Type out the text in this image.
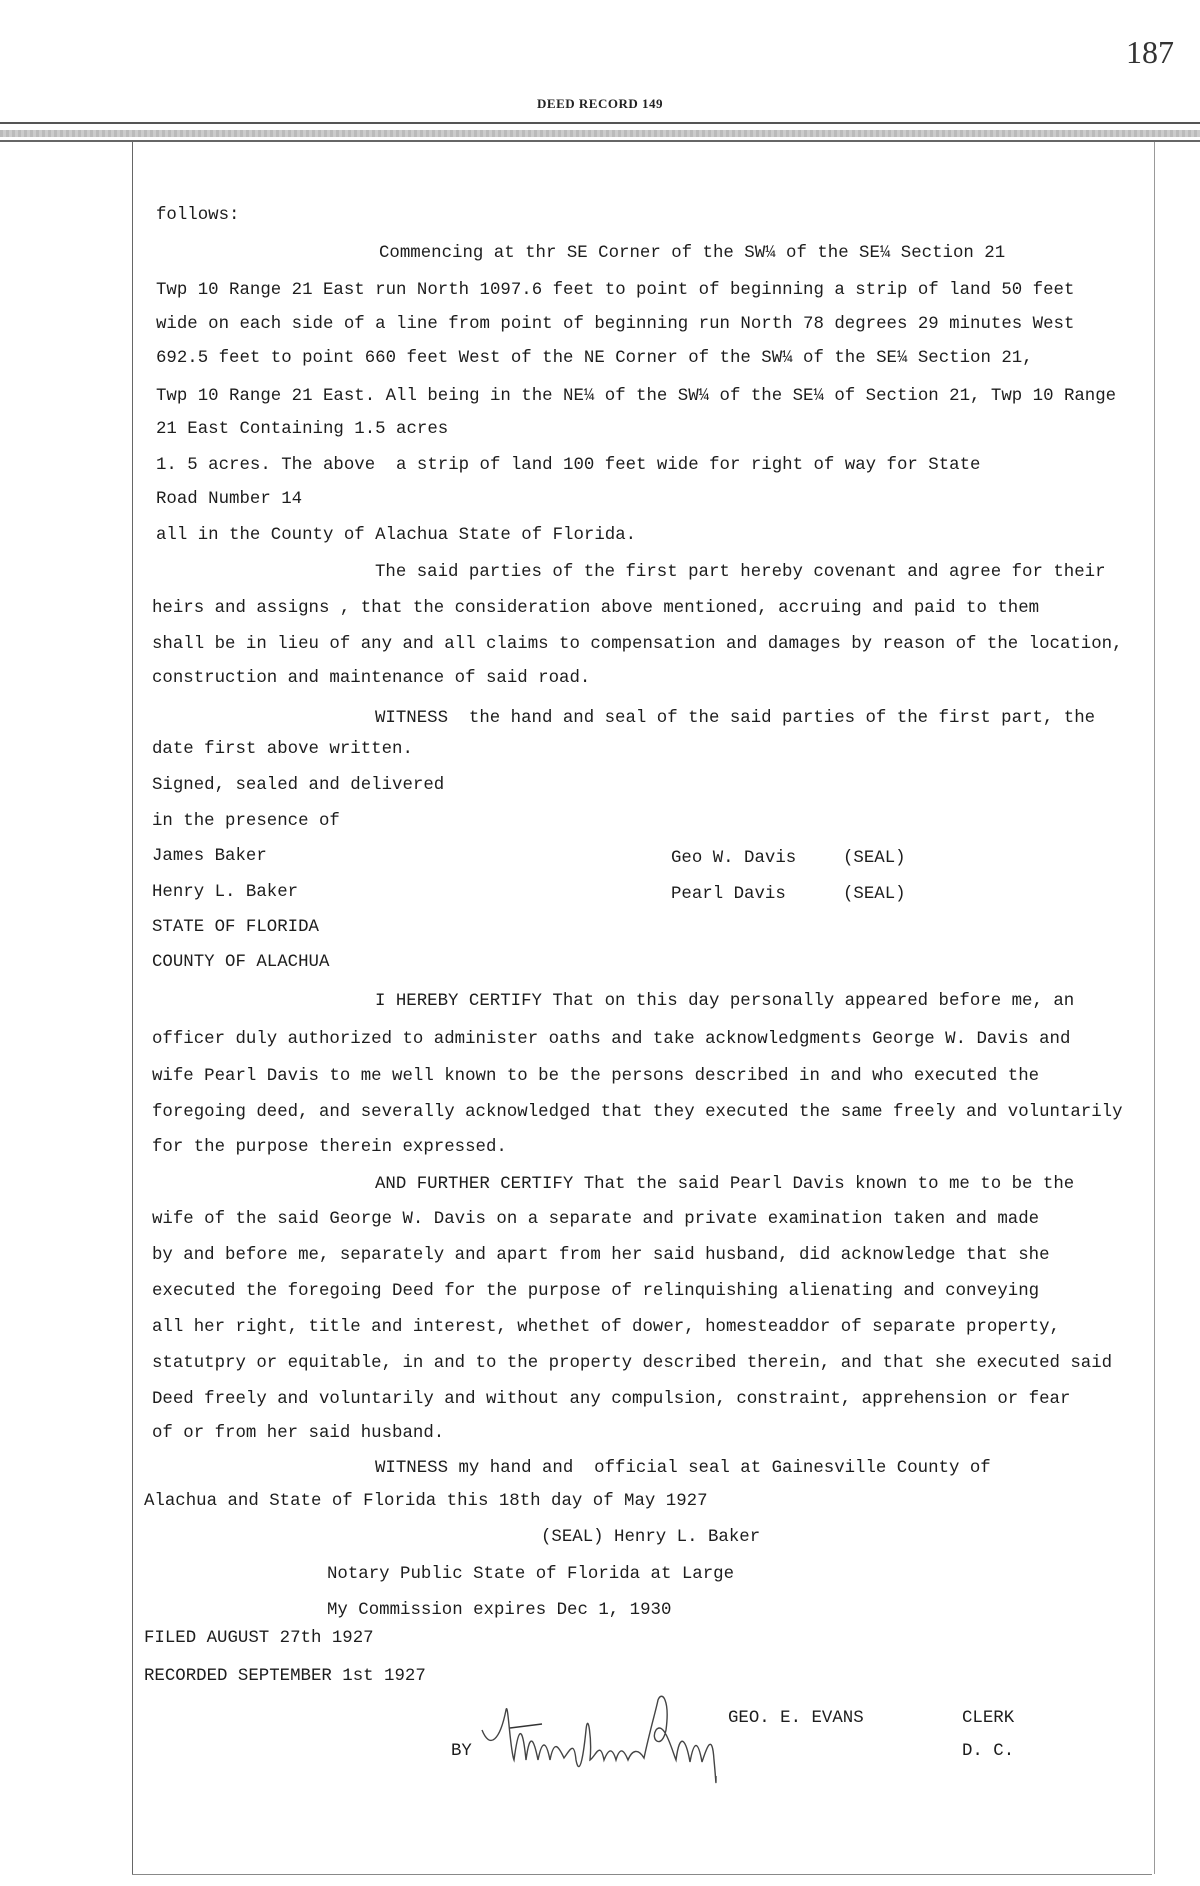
187
DEED RECORD 149
follows:
Commencing at thr SE Corner of the SW¼ of the SE¼ Section 21
Twp 10 Range 21 East run North 1097.6 feet to point of beginning a strip of land 50 feet
wide on each side of a line from point of beginning run North 78 degrees 29 minutes West
692.5 feet to point 660 feet West of the NE Corner of the SW¼ of the SE¼ Section 21,
Twp 10 Range 21 East. All being in the NE¼ of the SW¼ of the SE¼ of Section 21, Twp 10 Range
21 East Containing 1.5 acres
1. 5 acres. The above  a strip of land 100 feet wide for right of way for State
Road Number 14
all in the County of Alachua State of Florida.
The said parties of the first part hereby covenant and agree for their
heirs and assigns , that the consideration above mentioned, accruing and paid to them
shall be in lieu of any and all claims to compensation and damages by reason of the location,
construction and maintenance of said road.
WITNESS  the hand and seal of the said parties of the first part, the
date first above written.
Signed, sealed and delivered
in the presence of
James Baker
Henry L. Baker
Geo W. Davis	(SEAL)
Pearl Davis	(SEAL)
STATE OF FLORIDA
COUNTY OF ALACHUA
I HEREBY CERTIFY That on this day personally appeared before me, an
officer duly authorized to administer oaths and take acknowledgments George W. Davis and
wife Pearl Davis to me well known to be the persons described in and who executed the
foregoing deed, and severally acknowledged that they executed the same freely and voluntarily
for the purpose therein expressed.
AND FURTHER CERTIFY That the said Pearl Davis known to me to be the
wife of the said George W. Davis on a separate and private examination taken and made
by and before me, separately and apart from her said husband, did acknowledge that she
executed the foregoing Deed for the purpose of relinquishing alienating and conveying
all her right, title and interest, whethet of dower, homesteaddor of separate property,
statutpry or equitable, in and to the property described therein, and that she executed said
Deed freely and voluntarily and without any compulsion, constraint, apprehension or fear
of or from her said husband.
WITNESS my hand and  official seal at Gainesville County of
Alachua and State of Florida this 18th day of May 1927
(SEAL) Henry L. Baker
Notary Public State of Florida at Large
My Commission expires Dec 1, 1930
FILED AUGUST 27th 1927
RECORDED SEPTEMBER 1st 1927
GEO. E. EVANS	CLERK
BY	D. C.
